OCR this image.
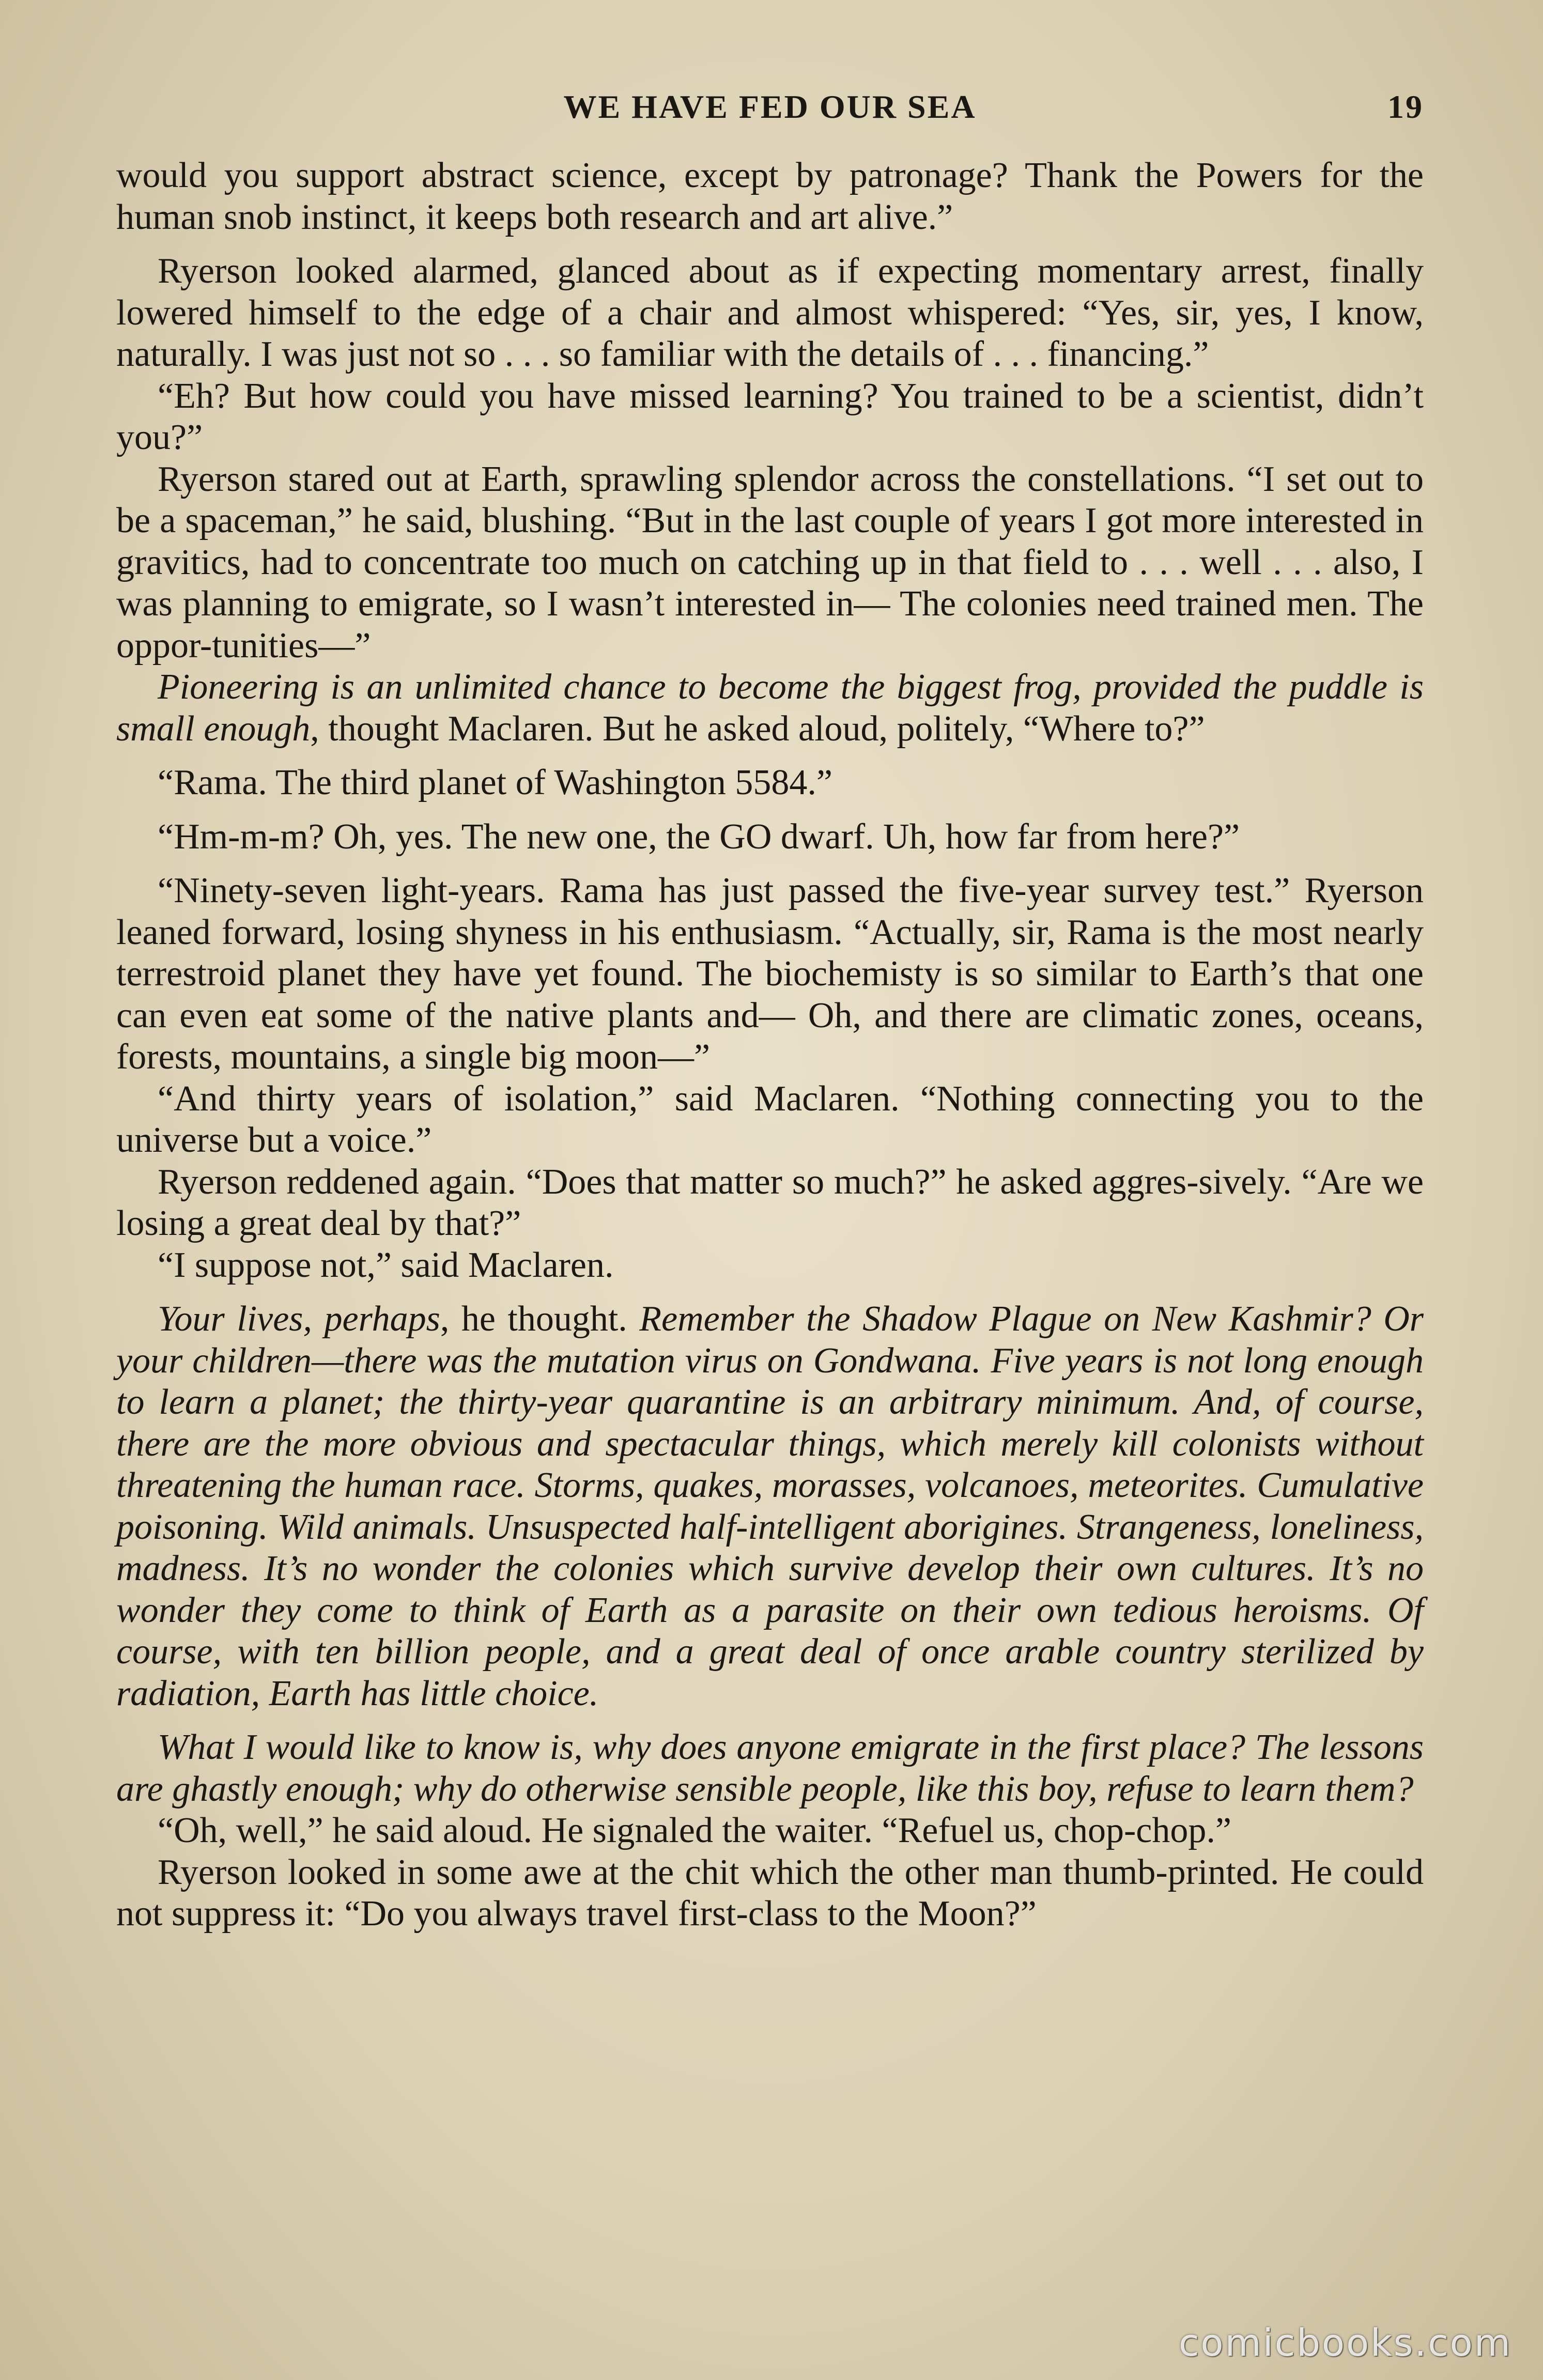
WE HAVE FED OUR SEA	19

would you support abstract science, except by patronage? Thank the Powers for the human snob instinct, it keeps both research and art alive.”

Ryerson looked alarmed, glanced about as if expecting momentary arrest, finally lowered himself to the edge of a chair and almost whispered: “Yes, sir, yes, I know, naturally. I was just not so . . . so familiar with the details of . . . financing.”

“Eh? But how could you have missed learning? You trained to be a scientist, didn’t you?”

Ryerson stared out at Earth, sprawling splendor across the constellations. “I set out to be a spaceman,” he said, blushing. “But in the last couple of years I got more interested in gravitics, had to concentrate too much on catching up in that field to . . . well . . . also, I was planning to emigrate, so I wasn’t interested in— The colonies need trained men. The oppor-tunities—”

Pioneering is an unlimited chance to become the biggest frog, provided the puddle is small enough, thought Maclaren. But he asked aloud, politely, “Where to?”

“Rama. The third planet of Washington 5584.”

“Hm-m-m? Oh, yes. The new one, the GO dwarf. Uh, how far from here?”

“Ninety-seven light-years. Rama has just passed the five-year survey test.” Ryerson leaned forward, losing shyness in his enthusiasm. “Actually, sir, Rama is the most nearly terrestroid planet they have yet found. The biochemisty is so similar to Earth’s that one can even eat some of the native plants and— Oh, and there are climatic zones, oceans, forests, mountains, a single big moon—”

“And thirty years of isolation,” said Maclaren. “Nothing connecting you to the universe but a voice.”

Ryerson reddened again. “Does that matter so much?” he asked aggres-sively. “Are we losing a great deal by that?”

“I suppose not,” said Maclaren.

Your lives, perhaps, he thought. Remember the Shadow Plague on New Kashmir? Or your children—there was the mutation virus on Gondwana. Five years is not long enough to learn a planet; the thirty-year quarantine is an arbitrary minimum. And, of course, there are the more obvious and spectacular things, which merely kill colonists without threatening the human race. Storms, quakes, morasses, volcanoes, meteorites. Cumulative poisoning. Wild animals. Unsuspected half-intelligent aborigines. Strangeness, loneliness, madness. It’s no wonder the colonies which survive develop their own cultures. It’s no wonder they come to think of Earth as a parasite on their own tedious heroisms. Of course, with ten billion people, and a great deal of once arable country sterilized by radiation, Earth has little choice.

What I would like to know is, why does anyone emigrate in the first place? The lessons are ghastly enough; why do otherwise sensible people, like this boy, refuse to learn them?

“Oh, well,” he said aloud. He signaled the waiter. “Refuel us, chop-chop.”

Ryerson looked in some awe at the chit which the other man thumb-printed. He could not suppress it: “Do you always travel first-class to the Moon?”

comicbooks.com
